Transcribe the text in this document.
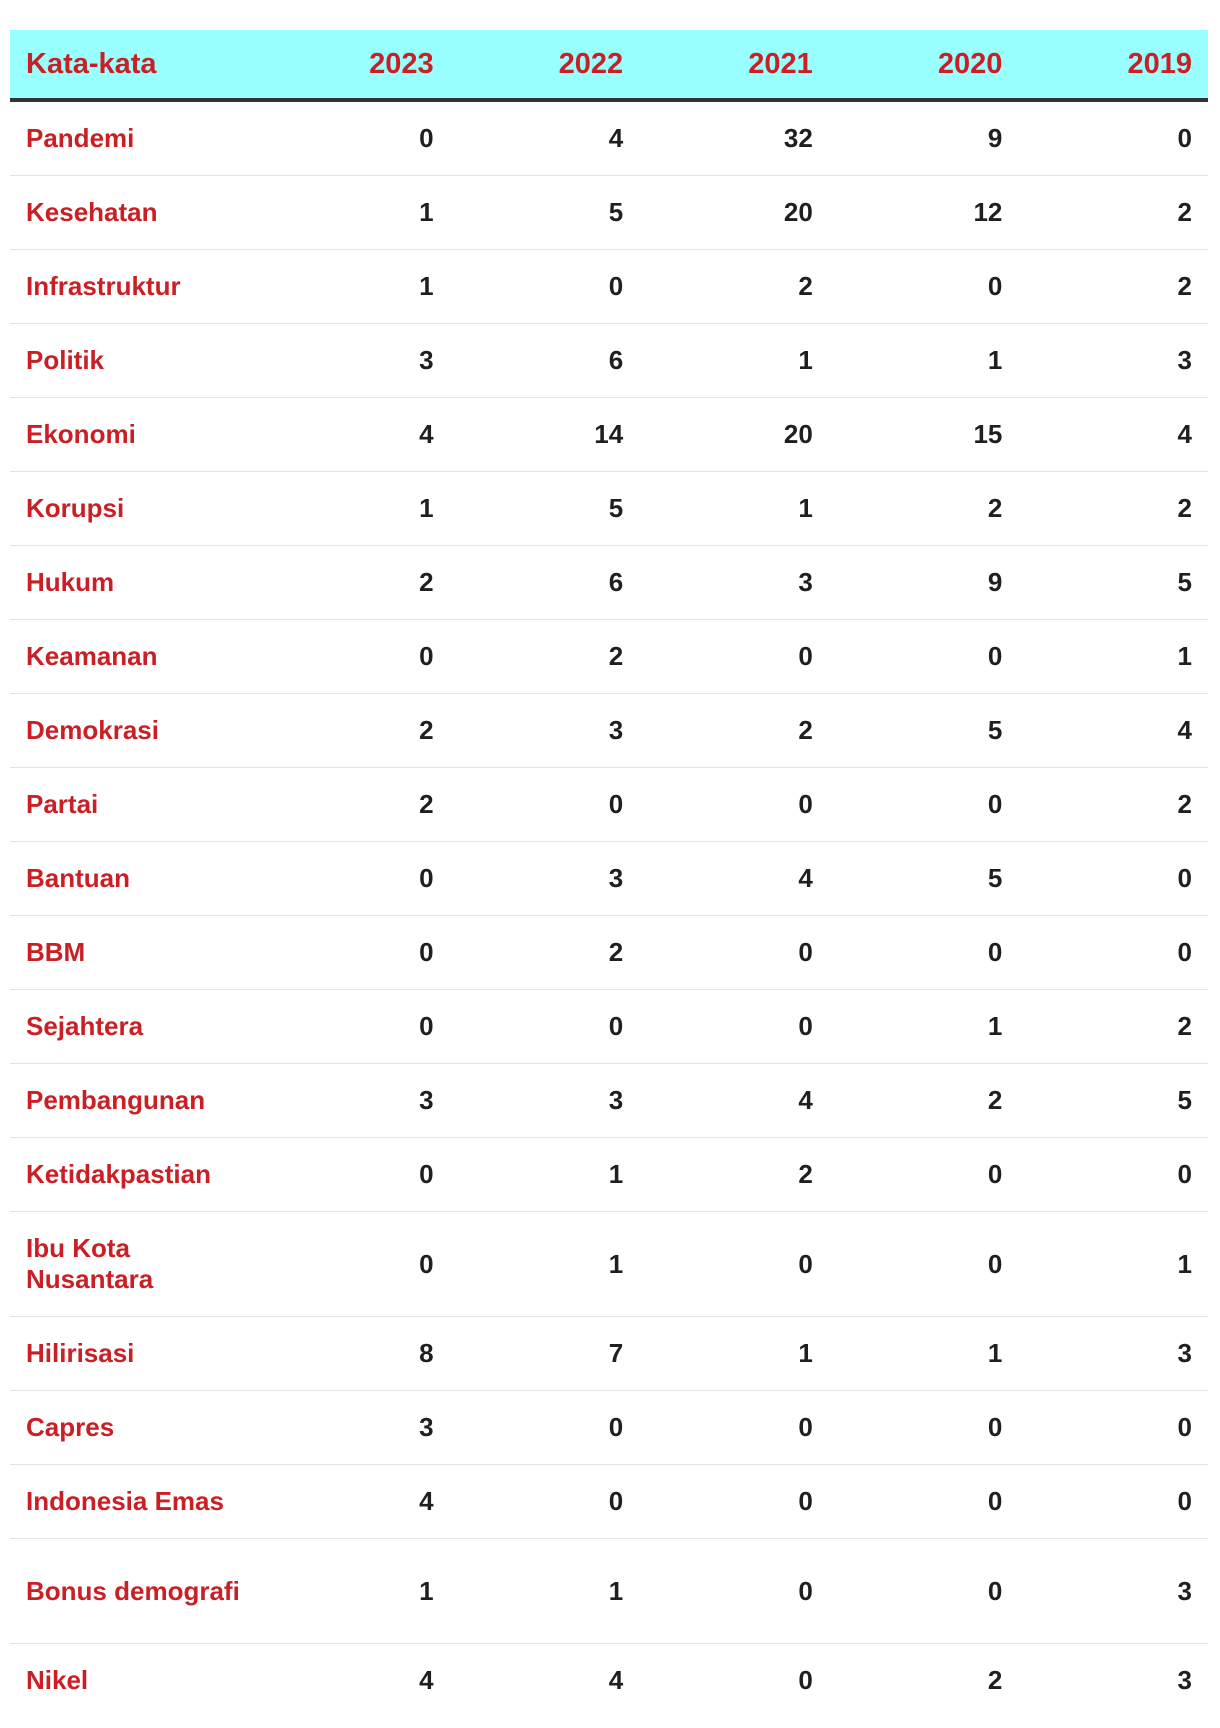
Kata-kata	2023	2022	2021	2020	2019
Pandemi	0	4	32	9	0
Kesehatan	1	5	20	12	2
Infrastruktur	1	0	2	0	2
Politik	3	6	1	1	3
Ekonomi	4	14	20	15	4
Korupsi	1	5	1	2	2
Hukum	2	6	3	9	5
Keamanan	0	2	0	0	1
Demokrasi	2	3	2	5	4
Partai	2	0	0	0	2
Bantuan	0	3	4	5	0
BBM	0	2	0	0	0
Sejahtera	0	0	0	1	2
Pembangunan	3	3	4	2	5
Ketidakpastian	0	1	2	0	0
Ibu Kota Nusantara	0	1	0	0	1
Hilirisasi	8	7	1	1	3
Capres	3	0	0	0	0
Indonesia Emas	4	0	0	0	0
Bonus demografi	1	1	0	0	3
Nikel	4	4	0	2	3
